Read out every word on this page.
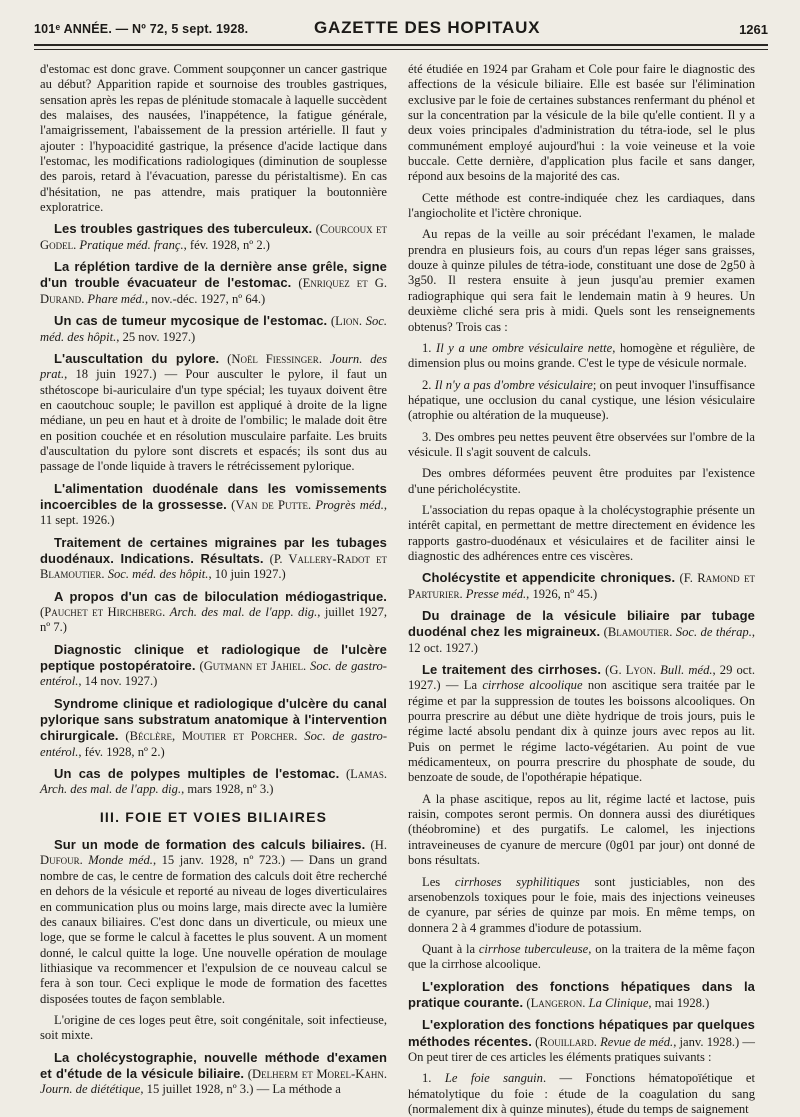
101ᵉ ANNÉE. — Nº 72, 5 sept. 1928.	GAZETTE DES HOPITAUX	1261

d'estomac est donc grave. Comment soupçonner un cancer gastrique au début? Apparition rapide et sournoise des troubles gastriques, sensation après les repas de plénitude stomacale à laquelle succèdent des malaises, des nausées, l'inappétence, la fatigue générale, l'amaigrissement, l'abaissement de la pression artérielle. Il faut y ajouter : l'hypoacidité gastrique, la présence d'acide lactique dans l'estomac, les modifications radiologiques (diminution de souplesse des parois, retard à l'évacuation, paresse du péristaltisme). En cas d'hésitation, ne pas attendre, mais pratiquer la boutonnière exploratrice.

Les troubles gastriques des tuberculeux. (Courcoux et Godel. Pratique méd. franç., fév. 1928, nº 2.)

La réplétion tardive de la dernière anse grêle, signe d'un trouble évacuateur de l'estomac. (Enriquez et G. Durand. Phare méd., nov.-déc. 1927, nº 64.)

Un cas de tumeur mycosique de l'estomac. (Lion. Soc. méd. des hôpit., 25 nov. 1927.)

L'auscultation du pylore. (Noël Fiessinger. Journ. des prat., 18 juin 1927.) — Pour ausculter le pylore, il faut un sthétoscope bi-auriculaire d'un type spécial; les tuyaux doivent être en caoutchouc souple; le pavillon est appliqué à droite de la ligne médiane, un peu en haut et à droite de l'ombilic; le malade doit être en position couchée et en résolution musculaire parfaite. Les bruits d'auscultation du pylore sont discrets et espacés; ils sont dus au passage de l'onde liquide à travers le rétrécissement pylorique.

L'alimentation duodénale dans les vomissements incoercibles de la grossesse. (Van de Putte. Progrès méd., 11 sept. 1926.)

Traitement de certaines migraines par les tubages duodénaux. Indications. Résultats. (P. Vallery-Radot et Blamoutier. Soc. méd. des hôpit., 10 juin 1927.)

A propos d'un cas de biloculation médiogastrique. (Pauchet et Hirchberg. Arch. des mal. de l'app. dig., juillet 1927, nº 7.)

Diagnostic clinique et radiologique de l'ulcère peptique postopératoire. (Gutmann et Jahiel. Soc. de gastro-entérol., 14 nov. 1927.)

Syndrome clinique et radiologique d'ulcère du canal pylorique sans substratum anatomique à l'intervention chirurgicale. (Béclère, Moutier et Porcher. Soc. de gastro-entérol., fév. 1928, nº 2.)

Un cas de polypes multiples de l'estomac. (Lamas. Arch. des mal. de l'app. dig., mars 1928, nº 3.)

III. FOIE ET VOIES BILIAIRES

Sur un mode de formation des calculs biliaires. (H. Dufour. Monde méd., 15 janv. 1928, nº 723.) — Dans un grand nombre de cas, le centre de formation des calculs doit être recherché en dehors de la vésicule et reporté au niveau de loges diverticulaires en communication plus ou moins large, mais directe avec la lumière des canaux biliaires. C'est donc dans un diverticule, ou mieux une loge, que se forme le calcul à facettes le plus souvent. A un moment donné, le calcul quitte la loge. Une nouvelle opération de moulage lithiasique va recommencer et l'expulsion de ce nouveau calcul se fera à son tour. Ceci explique le mode de formation des facettes disposées toutes de façon semblable.

L'origine de ces loges peut être, soit congénitale, soit infectieuse, soit mixte.

La cholécystographie, nouvelle méthode d'examen et d'étude de la vésicule biliaire. (Delherm et Morel-Kahn. Journ. de diététique, 15 juillet 1928, nº 3.) — La méthode a

été étudiée en 1924 par Graham et Cole pour faire le diagnostic des affections de la vésicule biliaire. Elle est basée sur l'élimination exclusive par le foie de certaines substances renfermant du phénol et sur la concentration par la vésicule de la bile qu'elle contient. Il y a deux voies principales d'administration du tétra-iode, sel le plus communément employé aujourd'hui : la voie veineuse et la voie buccale. Cette dernière, d'application plus facile et sans danger, répond aux besoins de la majorité des cas.

Cette méthode est contre-indiquée chez les cardiaques, dans l'angiocholite et l'ictère chronique.

Au repas de la veille au soir précédant l'examen, le malade prendra en plusieurs fois, au cours d'un repas léger sans graisses, douze à quinze pilules de tétra-iode, constituant une dose de 2g50 à 3g50. Il restera ensuite à jeun jusqu'au premier examen radiographique qui sera fait le lendemain matin à 9 heures. Un deuxième cliché sera pris à midi. Quels sont les renseignements obtenus? Trois cas :

1. Il y a une ombre vésiculaire nette, homogène et régulière, de dimension plus ou moins grande. C'est le type de vésicule normale.

2. Il n'y a pas d'ombre vésiculaire; on peut invoquer l'insuffisance hépatique, une occlusion du canal cystique, une lésion vésiculaire (atrophie ou altération de la muqueuse).

3. Des ombres peu nettes peuvent être observées sur l'ombre de la vésicule. Il s'agit souvent de calculs.

Des ombres déformées peuvent être produites par l'existence d'une péricholécystite.

L'association du repas opaque à la cholécystographie présente un intérêt capital, en permettant de mettre directement en évidence les rapports gastro-duodénaux et vésiculaires et de faciliter ainsi le diagnostic des adhérences entre ces viscères.

Cholécystite et appendicite chroniques. (F. Ramond et Parturier. Presse méd., 1926, nº 45.)

Du drainage de la vésicule biliaire par tubage duodénal chez les migraineux. (Blamoutier. Soc. de thérap., 12 oct. 1927.)

Le traitement des cirrhoses. (G. Lyon. Bull. méd., 29 oct. 1927.) — La cirrhose alcoolique non ascitique sera traitée par le régime et par la suppression de toutes les boissons alcooliques. On pourra prescrire au début une diète hydrique de trois jours, puis le régime lacté absolu pendant dix à quinze jours avec repos au lit. Puis on permet le régime lacto-végétarien. Au point de vue médicamenteux, on pourra prescrire du phosphate de soude, du benzoate de soude, de l'opothérapie hépatique.

A la phase ascitique, repos au lit, régime lacté et lactose, puis raisin, compotes seront permis. On donnera aussi des diurétiques (théobromine) et des purgatifs. Le calomel, les injections intraveineuses de cyanure de mercure (0g01 par jour) ont donné de bons résultats.

Les cirrhoses syphilitiques sont justiciables, non des arsenobenzols toxiques pour le foie, mais des injections veineuses de cyanure, par séries de quinze par mois. En même temps, on donnera 2 à 4 grammes d'iodure de potassium.

Quant à la cirrhose tuberculeuse, on la traitera de la même façon que la cirrhose alcoolique.

L'exploration des fonctions hépatiques dans la pratique courante. (Langeron. La Clinique, mai 1928.)

L'exploration des fonctions hépatiques par quelques méthodes récentes. (Rouillard. Revue de méd., janv. 1928.) — On peut tirer de ces articles les éléments pratiques suivants :

1. Le foie sanguin. — Fonctions hématopoïétique et hématolytique du foie : étude de la coagulation du sang (normalement dix à quinze minutes), étude du temps de saignement
